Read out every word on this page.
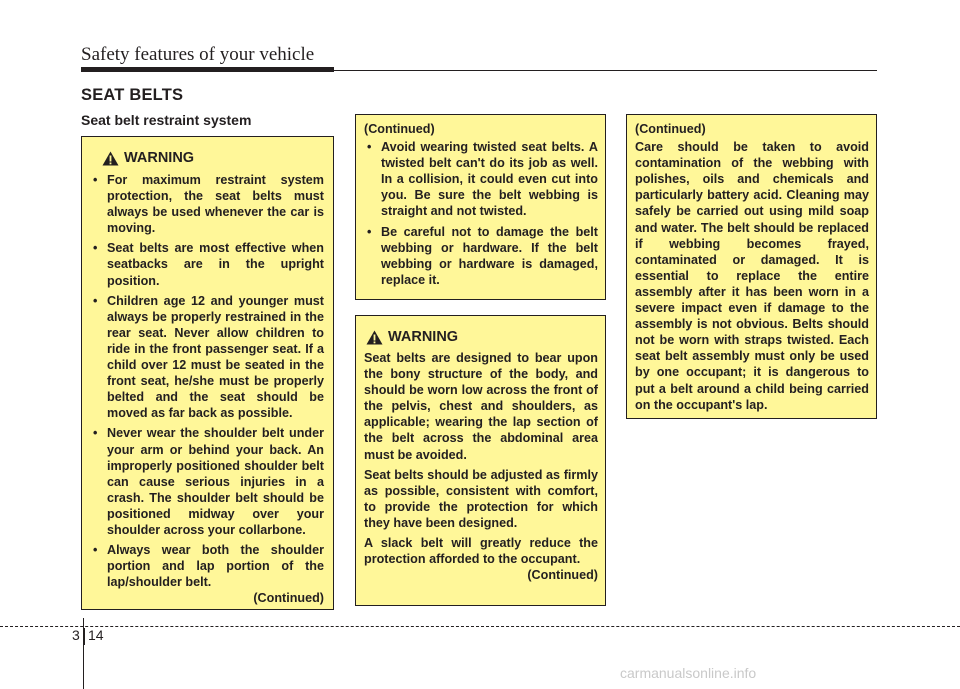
Safety features of your vehicle
SEAT BELTS
Seat belt restraint system
WARNING
• For maximum restraint system protection, the seat belts must always be used whenever the car is moving.
• Seat belts are most effective when seatbacks are in the upright position.
• Children age 12 and younger must always be properly restrained in the rear seat. Never allow children to ride in the front passenger seat. If a child over 12 must be seated in the front seat, he/she must be properly belted and the seat should be moved as far back as possible.
• Never wear the shoulder belt under your arm or behind your back. An improperly positioned shoulder belt can cause serious injuries in a crash. The shoulder belt should be positioned midway over your shoulder across your collarbone.
• Always wear both the shoulder portion and lap portion of the lap/shoulder belt.

(Continued)

(Continued)

• Avoid wearing twisted seat belts. A twisted belt can't do its job as well. In a collision, it could even cut into you. Be sure the belt webbing is straight and not twisted.
• Be careful not to damage the belt webbing or hardware. If the belt webbing or hardware is damaged, replace it.
WARNING

Seat belts are designed to bear upon the bony structure of the body, and should be worn low across the front of the pelvis, chest and shoulders, as applicable; wearing the lap section of the belt across the abdominal area must be avoided.

Seat belts should be adjusted as firmly as possible, consistent with comfort, to provide the protection for which they have been designed.

A slack belt will greatly reduce the protection afforded to the occupant.

(Continued)

(Continued)

Care should be taken to avoid contamination of the webbing with polishes, oils and chemicals and particularly battery acid. Cleaning may safely be carried out using mild soap and water. The belt should be replaced if webbing becomes frayed, contaminated or damaged. It is essential to replace the entire assembly after it has been worn in a severe impact even if damage to the assembly is not obvious. Belts should not be worn with straps twisted. Each seat belt assembly must only be used by one occupant; it is dangerous to put a belt around a child being carried on the occupant's lap.

3 14
carmanualsonline.info
